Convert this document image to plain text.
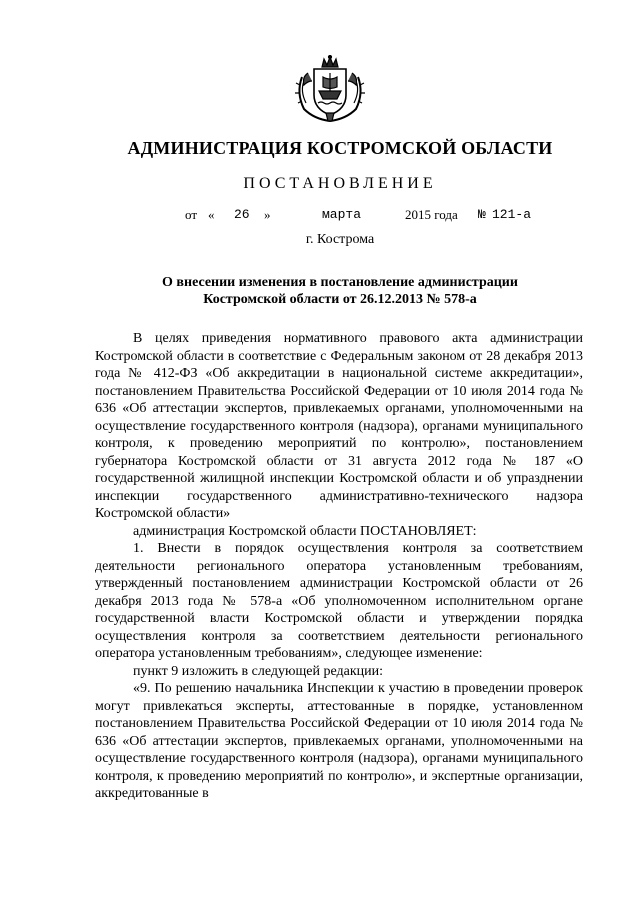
АДМИНИСТРАЦИЯ КОСТРОМСКОЙ ОБЛАСТИ
ПОСТАНОВЛЕНИЕ
от « 26 »	марта	2015 года № 121-а
г. Кострома
О внесении изменения в постановление администрации
Костромской области от 26.12.2013 № 578-а

В целях приведения нормативного правового акта администрации Костромской области в соответствие с Федеральным законом от 28 декабря 2013 года № 412-ФЗ «Об аккредитации в национальной системе аккредитации», постановлением Правительства Российской Федерации от 10 июля 2014 года № 636 «Об аттестации экспертов, привлекаемых органами, уполномоченными на осуществление государственного контроля (надзора), органами муниципального контроля, к проведению мероприятий по контролю», постановлением губернатора Костромской области от 31 августа 2012 года № 187 «О государственной жилищной инспекции Костромской области и об упразднении инспекции государственного административно-технического надзора Костромской области»

администрация Костромской области ПОСТАНОВЛЯЕТ:

1. Внести в порядок осуществления контроля за соответствием деятельности регионального оператора установленным требованиям, утвержденный постановлением администрации Костромской области от 26 декабря 2013 года № 578-а «Об уполномоченном исполнительном органе государственной власти Костромской области и утверждении порядка осуществления контроля за соответствием деятельности регионального оператора установленным требованиям», следующее изменение:

пункт 9 изложить в следующей редакции:

«9. По решению начальника Инспекции к участию в проведении проверок могут привлекаться эксперты, аттестованные в порядке, установленном постановлением Правительства Российской Федерации от 10 июля 2014 года № 636 «Об аттестации экспертов, привлекаемых органами, уполномоченными на осуществление государственного контроля (надзора), органами муниципального контроля, к проведению мероприятий по контролю», и экспертные организации, аккредитованные в
